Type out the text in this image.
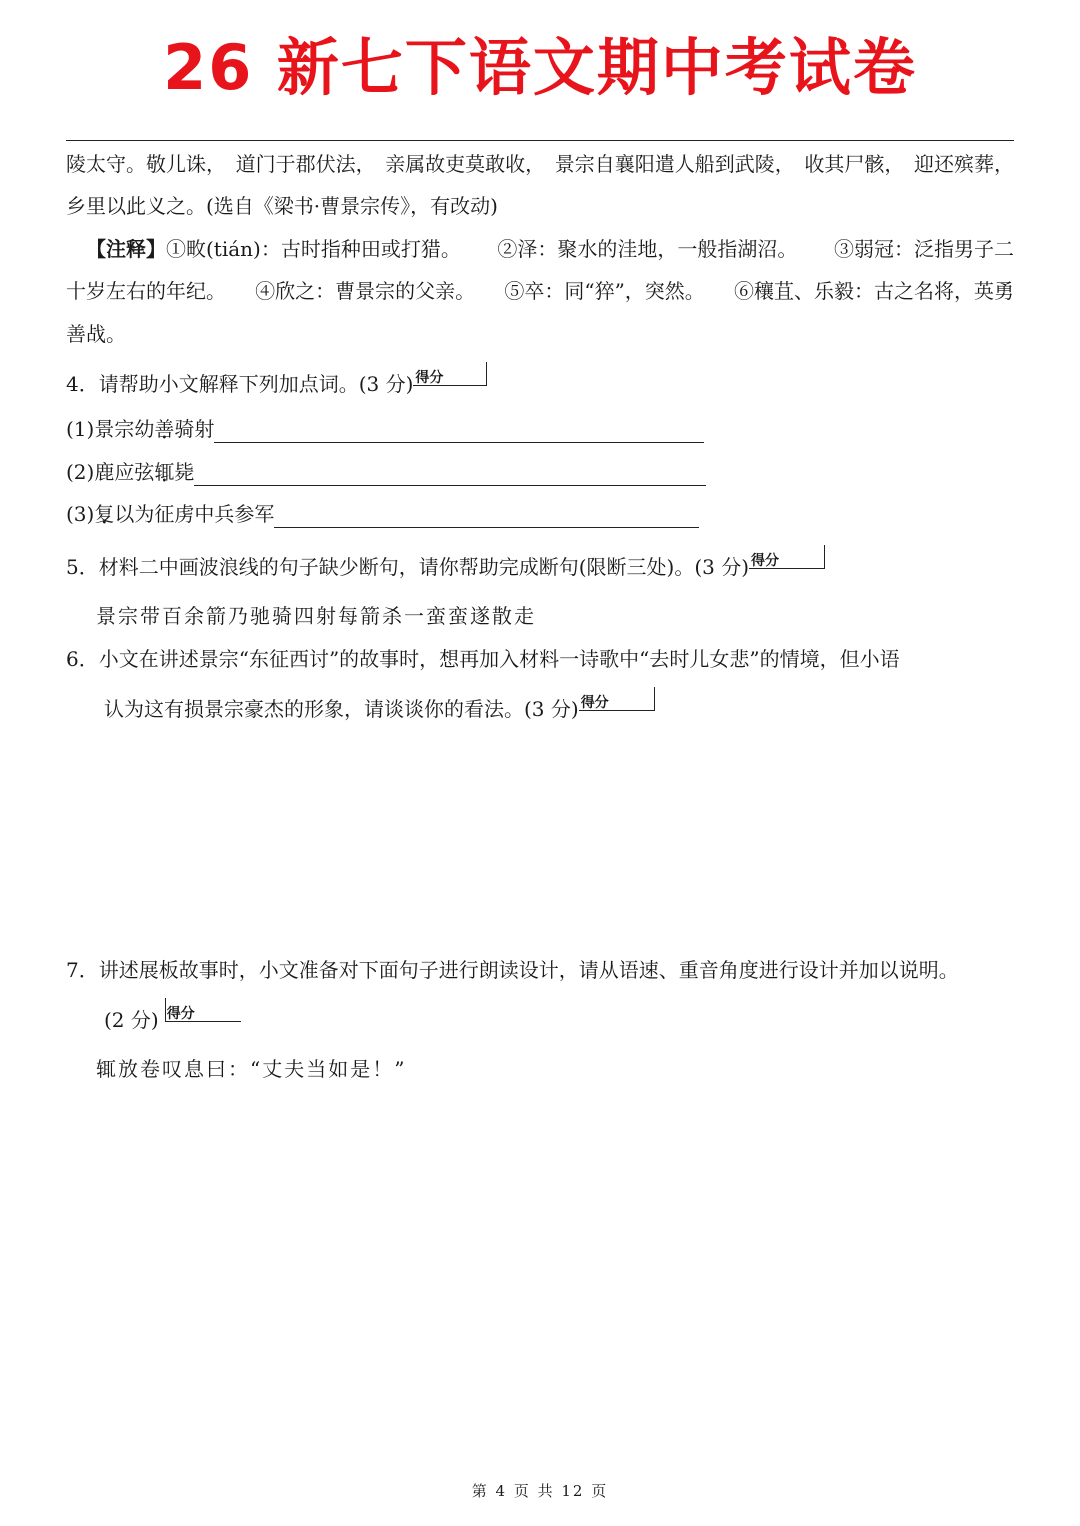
26 新七下语文期中考试卷
陵太守。敬儿诛， 道门于郡伏法， 亲属故吏莫敢收， 景宗自襄阳遣人船到武陵， 收其尸骸， 迎还殡葬，
乡里以此义之。(选自《梁书·曹景宗传》，有改动)
【注释】①畋(tián)：古时指种田或打猎。 ②泽：聚水的洼地，一般指湖沼。 ③弱冠：泛指男子二
十岁左右的年纪。 ④欣之：曹景宗的父亲。 ⑤卒：同“猝”，突然。 ⑥穰苴、乐毅：古之名将，英勇
善战。
4．请帮助小文解释下列加点词。(3 分) 得分
(1)景宗幼善骑射
(2)鹿应弦辄毙
(3)复以为征虏中兵参军
5．材料二中画波浪线的句子缺少断句，请你帮助完成断句(限断三处)。(3 分) 得分
景宗带百余箭乃驰骑四射每箭杀一蛮蛮遂散走
6．小文在讲述景宗“东征西讨”的故事时，想再加入材料一诗歌中“去时儿女悲”的情境，但小语
认为这有损景宗豪杰的形象，请谈谈你的看法。(3 分) 得分
7．讲述展板故事时，小文准备对下面句子进行朗读设计，请从语速、重音角度进行设计并加以说明。
(2 分) 得分
辄放卷叹息曰：“丈夫当如是！”
第 4 页 共 12 页
